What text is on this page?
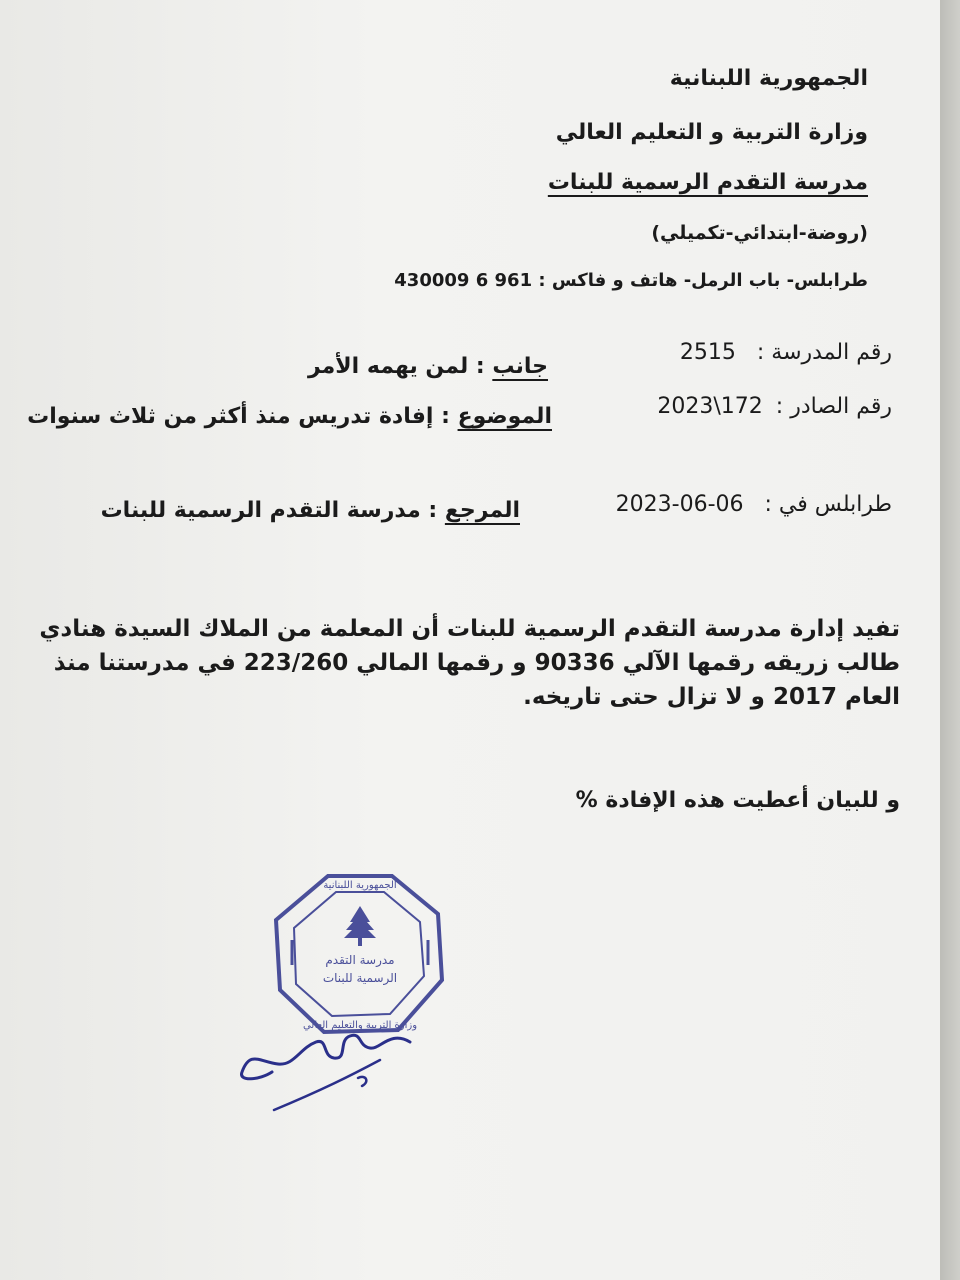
الجمهورية اللبنانية
وزارة التربية و التعليم العالي
مدرسة التقدم الرسمية للبنات
(روضة-ابتدائي-تكميلي)
طرابلس- باب الرمل- هاتف و فاكس : 961 6 430009
رقم المدرسة : 2515
رقم الصادر : 2023\172
طرابلس في : 2023-06-06
جانب : لمن يهمه الأمر
الموضوع : إفادة تدريس منذ أكثر من ثلاث سنوات
المرجع : مدرسة التقدم الرسمية للبنات
تفيد إدارة مدرسة التقدم الرسمية للبنات أن المعلمة من الملاك السيدة هنادي طالب زريقه رقمها الآلي 90336 و رقمها المالي 223/260 في مدرستنا منذ العام 2017 و لا تزال حتى تاريخه.
و للبيان أعطيت هذه الإفادة %
الجمهورية اللبنانية
مدرسة التقدم
الرسمية للبنات
وزارة التربية والتعليم العالي
